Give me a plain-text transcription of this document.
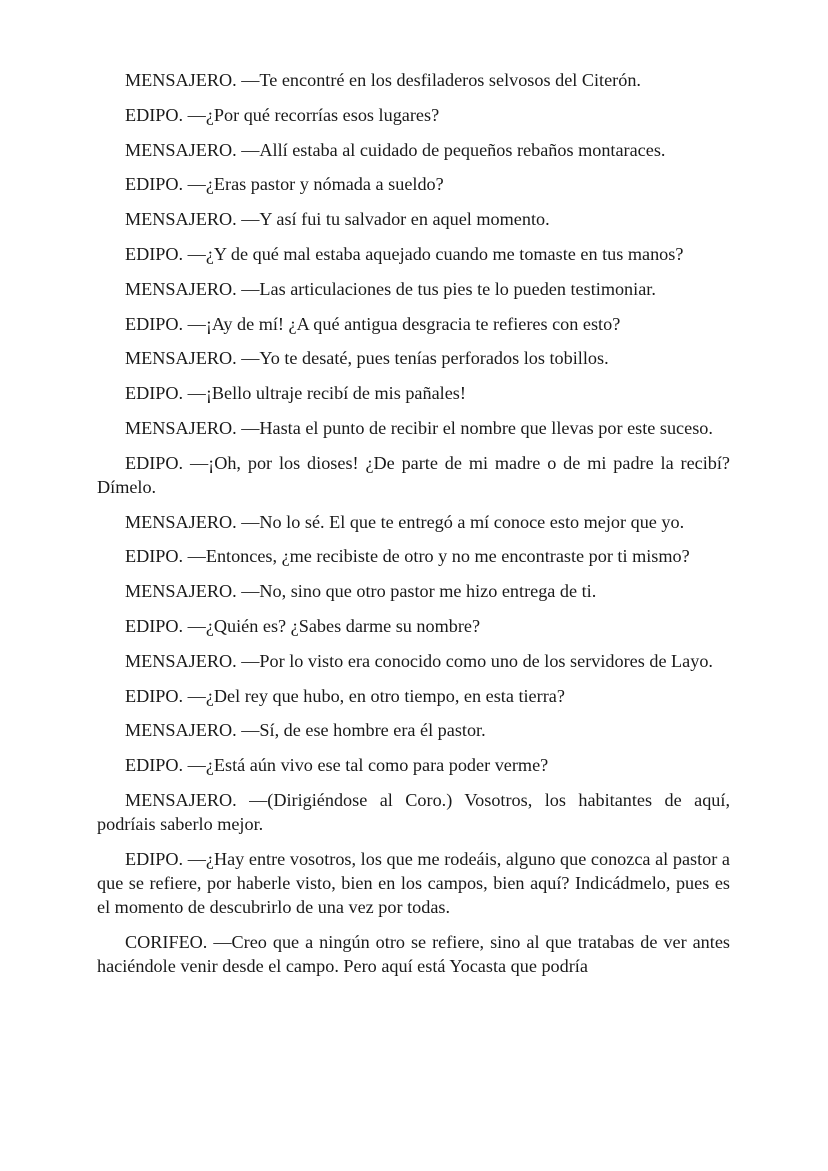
MENSAJERO. —Te encontré en los desfiladeros selvosos del Citerón.

EDIPO. —¿Por qué recorrías esos lugares?

MENSAJERO. —Allí estaba al cuidado de pequeños rebaños montaraces.

EDIPO. —¿Eras pastor y nómada a sueldo?

MENSAJERO. —Y así fui tu salvador en aquel momento.

EDIPO. —¿Y de qué mal estaba aquejado cuando me tomaste en tus manos?

MENSAJERO. —Las articulaciones de tus pies te lo pueden testimoniar.

EDIPO. —¡Ay de mí! ¿A qué antigua desgracia te refieres con esto?

MENSAJERO. —Yo te desaté, pues tenías perforados los tobillos.

EDIPO. —¡Bello ultraje recibí de mis pañales!

MENSAJERO. —Hasta el punto de recibir el nombre que llevas por este suceso.

EDIPO. —¡Oh, por los dioses! ¿De parte de mi madre o de mi padre la recibí? Dímelo.

MENSAJERO. —No lo sé. El que te entregó a mí conoce esto mejor que yo.

EDIPO. —Entonces, ¿me recibiste de otro y no me encontraste por ti mismo?

MENSAJERO. —No, sino que otro pastor me hizo entrega de ti.

EDIPO. —¿Quién es? ¿Sabes darme su nombre?

MENSAJERO. —Por lo visto era conocido como uno de los servidores de Layo.

EDIPO. —¿Del rey que hubo, en otro tiempo, en esta tierra?

MENSAJERO. —Sí, de ese hombre era él pastor.

EDIPO. —¿Está aún vivo ese tal como para poder verme?

MENSAJERO. —(Dirigiéndose al Coro.) Vosotros, los habitantes de aquí, podríais saberlo mejor.

EDIPO. —¿Hay entre vosotros, los que me rodeáis, alguno que conozca al pastor a que se refiere, por haberle visto, bien en los campos, bien aquí? Indicádmelo, pues es el momento de descubrirlo de una vez por todas.

CORIFEO. —Creo que a ningún otro se refiere, sino al que tratabas de ver antes haciéndole venir desde el campo. Pero aquí está Yocasta que podría
